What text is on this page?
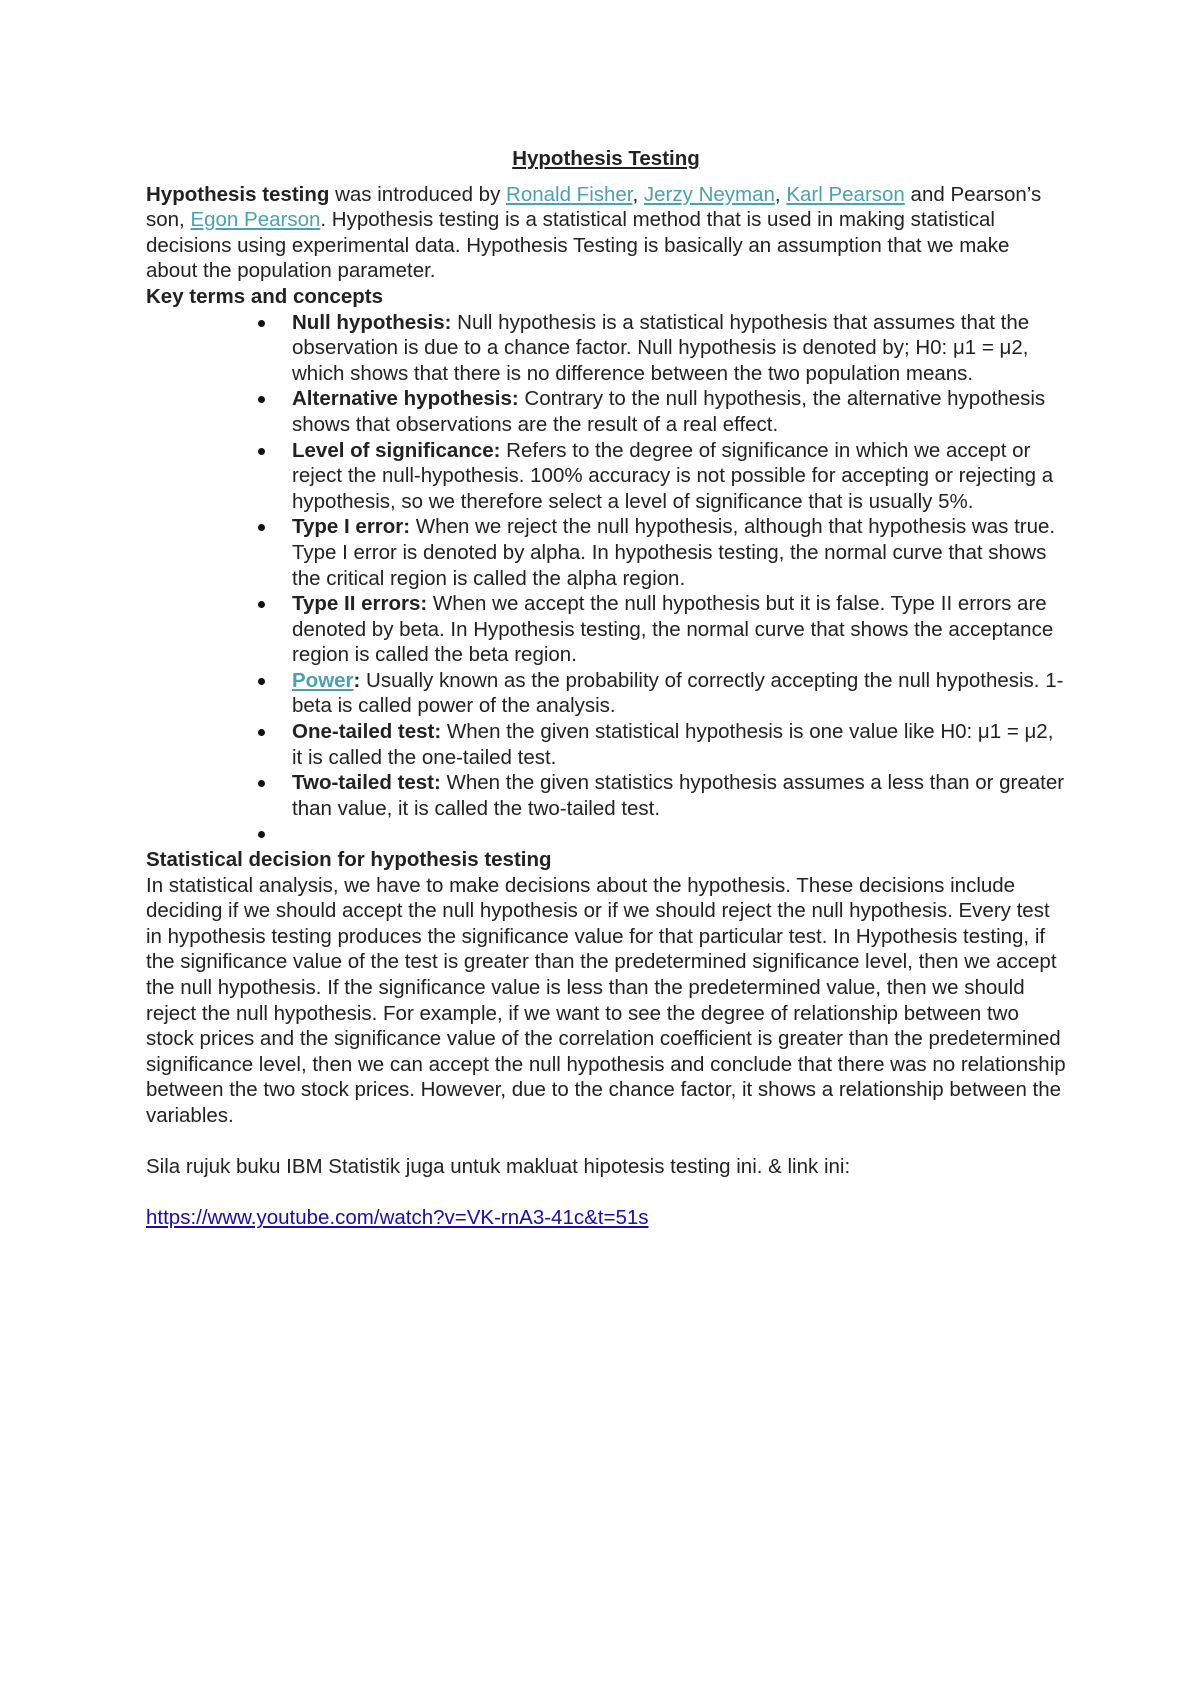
Hypothesis Testing

Hypothesis testing was introduced by Ronald Fisher, Jerzy Neyman, Karl Pearson and Pearson’s son, Egon Pearson. Hypothesis testing is a statistical method that is used in making statistical decisions using experimental data. Hypothesis Testing is basically an assumption that we make about the population parameter.

Key terms and concepts
Null hypothesis: Null hypothesis is a statistical hypothesis that assumes that the observation is due to a chance factor. Null hypothesis is denoted by; H0: μ1 = μ2, which shows that there is no difference between the two population means.
Alternative hypothesis: Contrary to the null hypothesis, the alternative hypothesis shows that observations are the result of a real effect.
Level of significance: Refers to the degree of significance in which we accept or reject the null-hypothesis. 100% accuracy is not possible for accepting or rejecting a hypothesis, so we therefore select a level of significance that is usually 5%.
Type I error: When we reject the null hypothesis, although that hypothesis was true. Type I error is denoted by alpha. In hypothesis testing, the normal curve that shows the critical region is called the alpha region.
Type II errors: When we accept the null hypothesis but it is false. Type II errors are denoted by beta. In Hypothesis testing, the normal curve that shows the acceptance region is called the beta region.
Power: Usually known as the probability of correctly accepting the null hypothesis. 1-beta is called power of the analysis.
One-tailed test: When the given statistical hypothesis is one value like H0: μ1 = μ2, it is called the one-tailed test.
Two-tailed test: When the given statistics hypothesis assumes a less than or greater than value, it is called the two-tailed test.
Statistical decision for hypothesis testing

In statistical analysis, we have to make decisions about the hypothesis. These decisions include deciding if we should accept the null hypothesis or if we should reject the null hypothesis. Every test in hypothesis testing produces the significance value for that particular test. In Hypothesis testing, if the significance value of the test is greater than the predetermined significance level, then we accept the null hypothesis. If the significance value is less than the predetermined value, then we should reject the null hypothesis. For example, if we want to see the degree of relationship between two stock prices and the significance value of the correlation coefficient is greater than the predetermined significance level, then we can accept the null hypothesis and conclude that there was no relationship between the two stock prices. However, due to the chance factor, it shows a relationship between the variables.

Sila rujuk buku IBM Statistik juga untuk makluat hipotesis testing ini. & link ini:

https://www.youtube.com/watch?v=VK-rnA3-41c&t=51s
